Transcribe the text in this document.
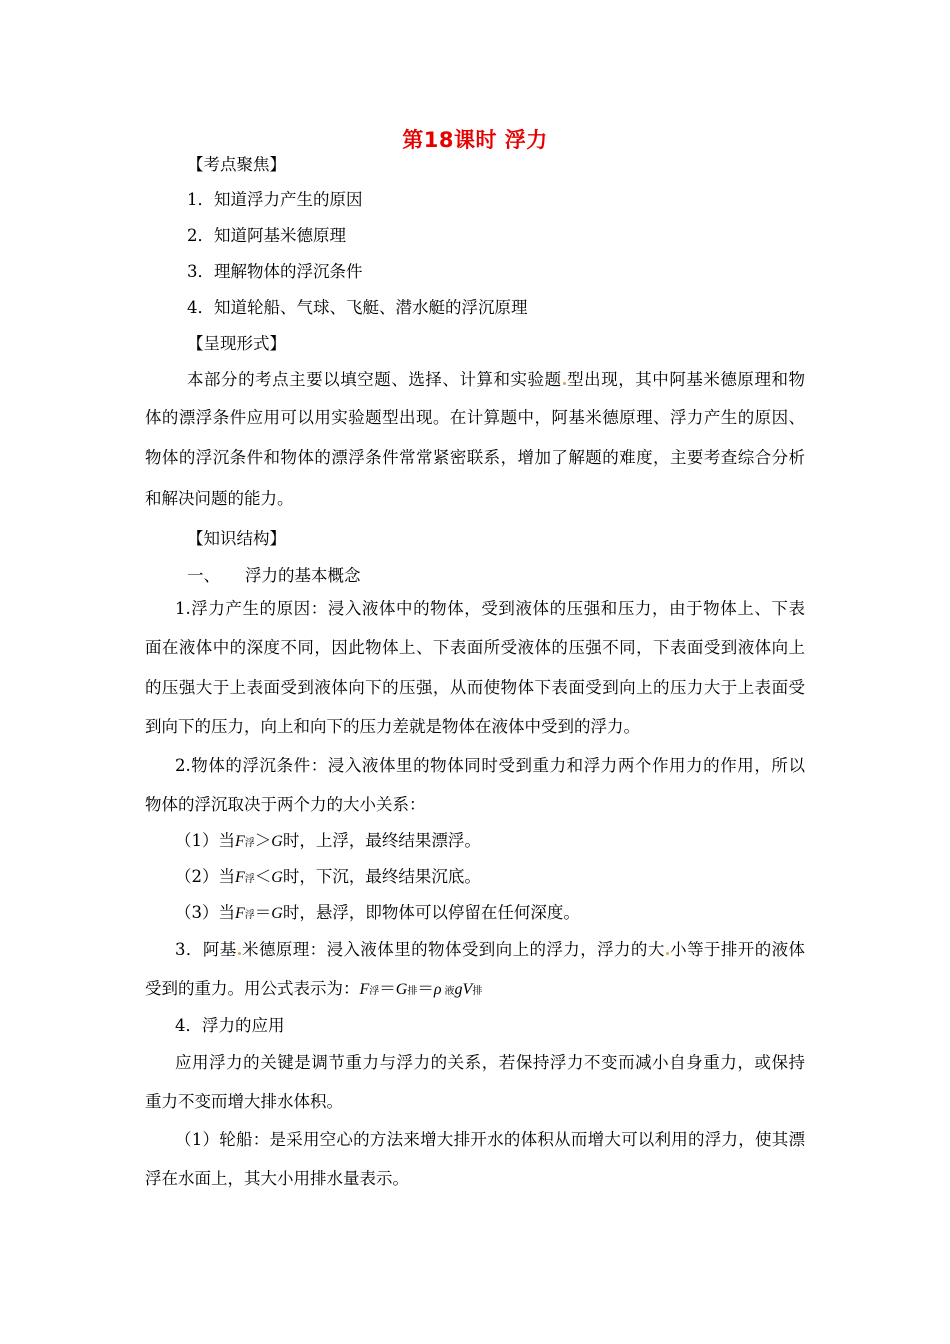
第18课时 浮力
【考点聚焦】
1．知道浮力产生的原因
2．知道阿基米德原理
3．理解物体的浮沉条件
4．知道轮船、气球、飞艇、潜水艇的浮沉原理
【呈现形式】
本部分的考点主要以填空题、选择、计算和实验题 型出现，其中阿基米德原理和物
体的漂浮条件应用可以用实验题型出现。在计算题中，阿基米德原理、浮力产生的原因、
物体的浮沉条件和物体的漂浮条件常常紧密联系，增加了解题的难度，主要考查综合分析
和解决问题的能力。
【知识结构】
一、	浮力的基本概念
1.浮力产生的原因：浸入液体中的物体，受到液体的压强和压力，由于物体上、下表
面在液体中的深度不同，因此物体上、下表面所受液体的压强不同，下表面受到液体向上
的压强大于上表面受到液体向下的压强，从而使物体下表面受到向上的压力大于上表面受
到向下的压力，向上和向下的压力差就是物体在液体中受到的浮力。
2.物体的浮沉条件：浸入液体里的物体同时受到重力和浮力两个作用力的作用，所以
物体的浮沉取决于两个力的大小关系：
（1）当F浮＞G时，上浮，最终结果漂浮。
（2）当F浮＜G时，下沉，最终结果沉底。
（3）当F浮＝G时，悬浮，即物体可以停留在任何深度。
3．阿基 米德原理：浸入液体里的物体受到向上的浮力，浮力的大 小等于排开的液体
受到的重力。用公式表示为：F浮＝G排＝ρ 液gV排
4．浮力的应用
应用浮力的关键是调节重力与浮力的关系，若保持浮力不变而减小自身重力，或保持
重力不变而增大排水体积。
（1）轮船：是采用空心的方法来增大排开水的体积从而增大可以利用的浮力，使其漂
浮在水面上，其大小用排水量表示。
